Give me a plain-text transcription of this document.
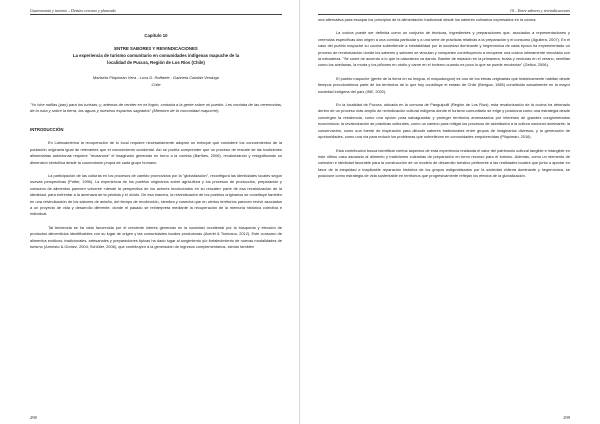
Gastronomía y turismo – Destino cercano y planeado
Capítulo 10
ENTRE SABORES Y REIVINDICACIONES
La experiencia de turismo comunitario en comunidades indígenas mapuche de la
localidad de Pucura, Región de Los Ríos (Chile)
Marisela Pilquimán Vera - Luca D. Raffaele - Gabriela Catalán Verdugo
Chile
"Yo hice rotillas (pan) para los turistas; y, además de vender en mi fogón, contaba a la gente sobre mi pueblo. Les contaba de las ceremonias, de la ruka y sobre la tierra, las aguas y nuestros espacios sagrados" (Miembro de la comunidad mapuche).
INTRODUCCIÓN
En Latinoamérica la recuperación de lo local requiere necesariamente adoptar un enfoque que considere los conocimientos de la población originaria igual de relevantes que el conocimiento occidental. Así se podría comprender que un proceso de rescate de las tradiciones alimentarias autóctonas requiere "reusaruna" el imaginario generado en torno a la comida (Barthes, 2006), revalorizando y resignificando su dimensión simbólica desde la cosmovisión propia de cada grupo humano.
La participación de las culturas en los procesos de cambio promovidos por la "globalización", reconfigura las identidades locales según nuevas perspectivas (Potter, 1996). La experiencia de los pueblos originarios sobre agricultura y los procesos de producción, preparación y consumo de alimentos parecen volverse «desde la perspectiva de los actores involucrados en su rescate» parte de esa revalorización de la identidad, para enfrentar a la amenaza de la pérdida y el olvido. De esa manera, la reivindicación de los pueblos originarios se constituye también en una reivindicación de los sabores de antaño, del tiempo de recolección, siembra y cosecha que en ciertos territorios parecen revivir asociados a un proyecto de vida y desarrollo diferente, donde el pasado se reinterpreta mediante la recuperación de la memoria histórica colectiva e individual.
Tal tendencia se ha visto favorecida por el creciente interés generado en la sociedad occidental por la búsqueda y elección de productos alimenticios identificables con su lugar de origen y las comunidades locales productoras (Acerbi & Torricano, 2012). Este consumo de alimentos exóticos, tradicionales, artesanales y preparaciones típicas ha dado lugar al surgimiento y/o fortalecimiento de nuevas modalidades de turismo (Armesto & Gómez, 2004; Schlüter, 2006), que contribuyen a la generación de ingresos complementarios, siendo también
298
10 – Entre sabores y reivindicaciones
una alternativa para escapar los principios de la alimentación tradicional desde los saberes culinarios expresados en la cocina.
La cocina puede ser definida como un conjunto de técnicas, ingredientes y preparaciones que, asociados a representaciones y creencias específicas dan origen a una comida particular y a una serie de prácticas relativas a la preparación y el consumo (Aguilera, 2007). En el caso del pueblo mapuche su cocina subentiende a inestabilidad por la sociedad dominante y hegemónica de cada época ha experimentado un proceso de revalorización donde los saberes y sabores se vinculan y comparten contribuyendo a recuperar una cocina íntimamente vinculada con la naturaleza. "Se come de acuerdo a lo que la naturaleza va dando. Bambe de estación en la primavera, frutas y verduras en el verano, semillas como los avellanas, la murta y los piñones en otoño y carne en el invierno cuando es poco lo que se puede recolectar" (Gelica, 2006).
El pueblo mapuche (gente de la tierra en su lengua, el mapudungun) es uno de los etnias originarias que históricamente habitan desde tiempos precolombinos parte de los territorios de lo que hoy constituye el estado de Chile (Bengoa, 1985) constituido actualmente en la mayor sociedad indígena del país (INE, 2002).
En la localidad de Pucura, ubicada en la comuna de Panguipulli (Región de Los Ríos), esta revalorización de la cocina ha detonado dentro de un proceso más amplio de revindicación cultural indígena donde el turismo comunitario se erige y posiciona como una estrategia desde convergen la resistencia, como una opción para salvaguardar y proteger territorios amenazados por intereses de grandes conglomerados económicos: la revalorización de prácticas culturales, como un camino para mitigar los procesos de asimilación a la cultura nacional dominante; la conservación, como una fuente de inspiración para difundir saberes tradicionales entre grupos de imaginarios diversos, y la generación de oportunidades, como una vía para reducir los problemas que sobrellevan en comunidades empobrecidas (Pilquimán, 2016).
Esta contribución busca identificar ciertos aspectos de esta experiencia realizada el valor del patrimonio cultural tangible e intangible en este último caso asociado al alimento y tradiciones culinarias de preparación en torno recurso para el turismo. Además, como un elemento de cohesión e identidad favorable para la construcción de un modelo de desarrollo turístico pertinente a las realidades locales que junto a aportar en favor de la inequidad e inaplicable reparación histórica de los grupos estigmatizados por la sociedad chilena dominante y hegemónica, se posicione como estrategia de vida sustentable en territorios que progresivamente reflejan los efectos de la globalización.
299
